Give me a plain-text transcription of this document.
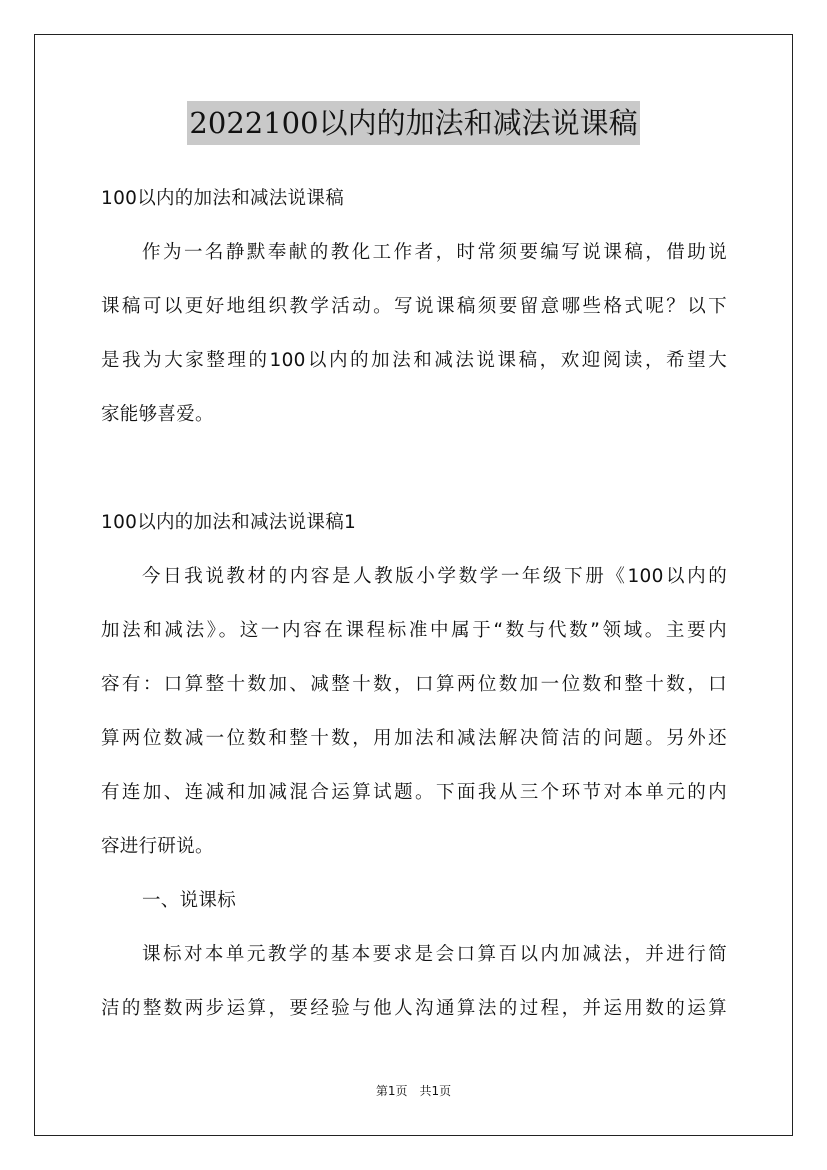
2022100以内的加法和减法说课稿
100以内的加法和减法说课稿
作为一名静默奉献的教化工作者，时常须要编写说课稿，借助说
课稿可以更好地组织教学活动。写说课稿须要留意哪些格式呢？以下
是我为大家整理的100以内的加法和减法说课稿，欢迎阅读，希望大
家能够喜爱。
100以内的加法和减法说课稿1
今日我说教材的内容是人教版小学数学一年级下册《100以内的
加法和减法》。这一内容在课程标准中属于“数与代数”领域。主要内
容有：口算整十数加、减整十数，口算两位数加一位数和整十数，口
算两位数减一位数和整十数，用加法和减法解决简洁的问题。另外还
有连加、连减和加减混合运算试题。下面我从三个环节对本单元的内
容进行研说。
一、说课标
课标对本单元教学的基本要求是会口算百以内加减法，并进行简
洁的整数两步运算，要经验与他人沟通算法的过程，并运用数的运算
第1页　共1页
